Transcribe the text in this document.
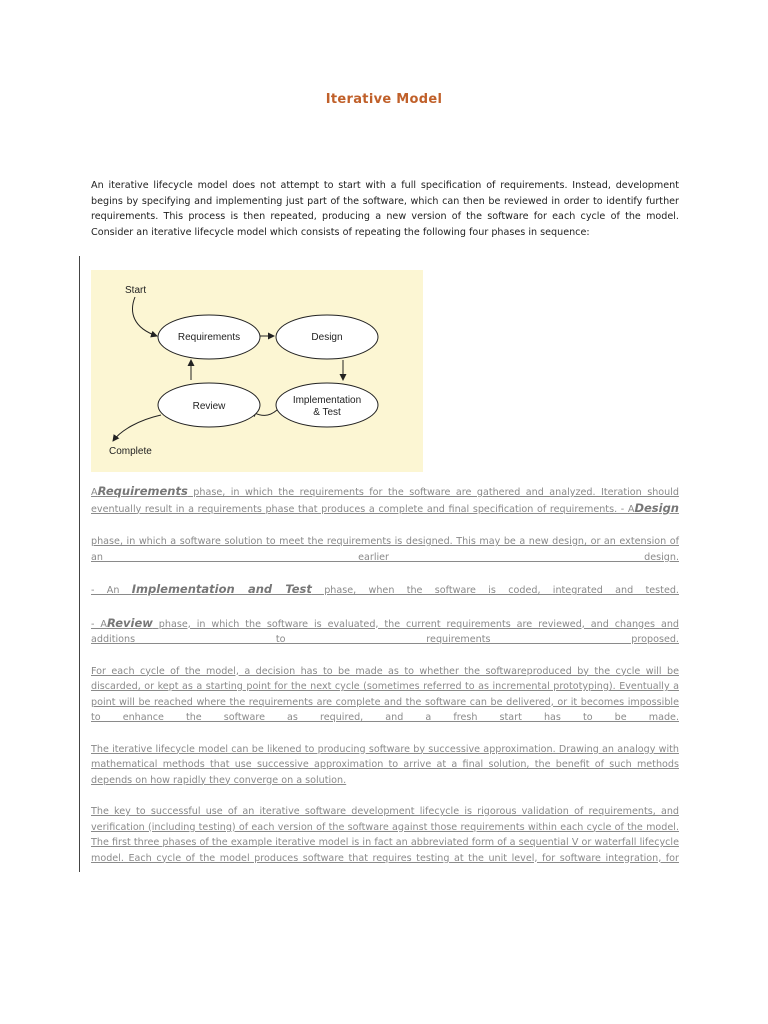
Iterative Model
An iterative lifecycle model does not attempt to start with a full specification of requirements. Instead, development begins by specifying and implementing just part of the software, which can then be reviewed in order to identify further requirements. This process is then repeated, producing a new version of the software for each cycle of the model. Consider an iterative lifecycle model which consists of repeating the following four phases in sequence:
Start
Requirements	Design
Review
Implementation
& Test
Complete

ARequirements phase, in which the requirements for the software are gathered and analyzed. Iteration should eventually result in a requirements phase that produces a complete and final specification of requirements. - ADesign

phase, in which a software solution to meet the requirements is designed. This may be a new design, or an extension of an earlier design.

- An Implementation and Test phase, when the software is coded, integrated and tested.

- AReview phase, in which the software is evaluated, the current requirements are reviewed, and changes and additions to requirements proposed.

For each cycle of the model, a decision has to be made as to whether the softwareproduced by the cycle will be discarded, or kept as a starting point for the next cycle (sometimes referred to as incremental prototyping). Eventually a point will be reached where the requirements are complete and the software can be delivered, or it becomes impossible to enhance the software as required, and a fresh start has to be made.

The iterative lifecycle model can be likened to producing software by successive approximation. Drawing an analogy with mathematical methods that use successive approximation to arrive at a final solution, the benefit of such methods depends on how rapidly they converge on a solution.

The key to successful use of an iterative software development lifecycle is rigorous validation of requirements, and verification (including testing) of each version of the software against those requirements within each cycle of the model. The first three phases of the example iterative model is in fact an abbreviated form of a sequential V or waterfall lifecycle model. Each cycle of the model produces software that requires testing at the unit level, for software integration, for
